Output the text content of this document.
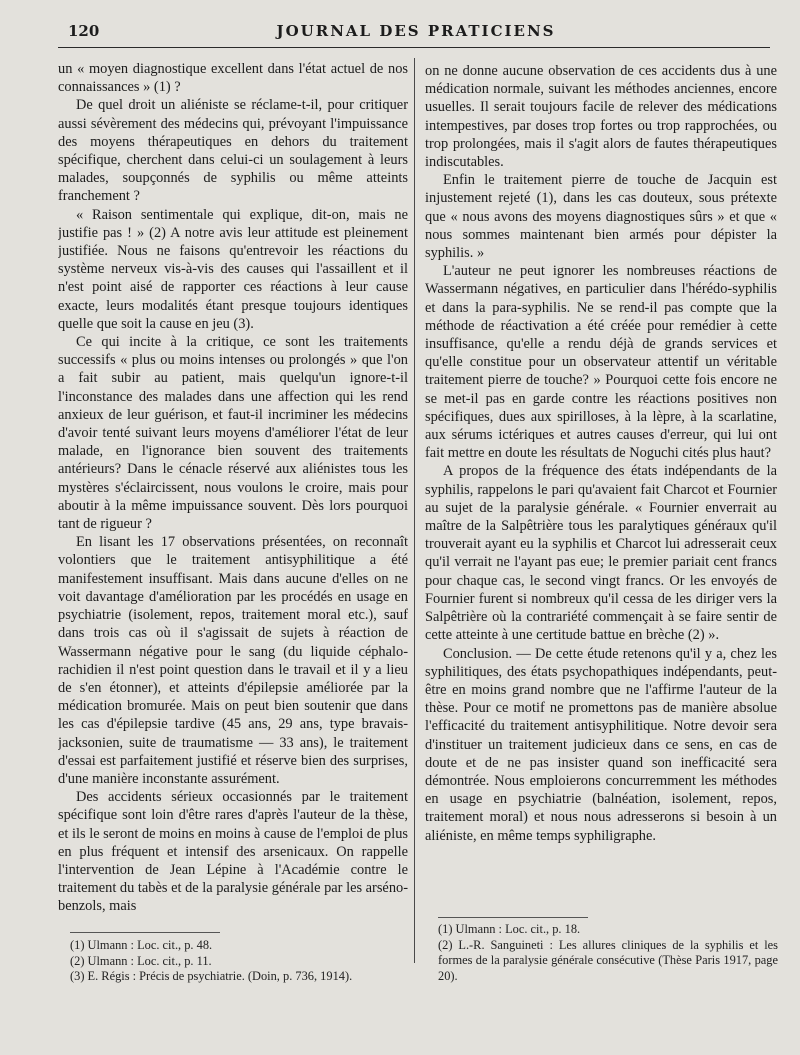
120	JOURNAL DES PRATICIENS

un « moyen diagnostique excellent dans l'état actuel de nos connaissances » (1) ?

De quel droit un aliéniste se réclame-t-il, pour critiquer aussi sévèrement des médecins qui, prévoyant l'impuissance des moyens thérapeutiques en dehors du traitement spécifique, cherchent dans celui-ci un soulagement à leurs malades, soupçonnés de syphilis ou même atteints franchement ?

« Raison sentimentale qui explique, dit-on, mais ne justifie pas ! » (2) A notre avis leur attitude est pleinement justifiée. Nous ne faisons qu'entrevoir les réactions du système nerveux vis-à-vis des causes qui l'assaillent et il n'est point aisé de rapporter ces réactions à leur cause exacte, leurs modalités étant presque toujours identiques quelle que soit la cause en jeu (3).

Ce qui incite à la critique, ce sont les traitements successifs « plus ou moins intenses ou prolongés » que l'on a fait subir au patient, mais quelqu'un ignore-t-il l'inconstance des malades dans une affection qui les rend anxieux de leur guérison, et faut-il incriminer les médecins d'avoir tenté suivant leurs moyens d'améliorer l'état de leur malade, en l'ignorance bien souvent des traitements antérieurs? Dans le cénacle réservé aux aliénistes tous les mystères s'éclaircissent, nous voulons le croire, mais pour aboutir à la même impuissance souvent. Dès lors pourquoi tant de rigueur ?

En lisant les 17 observations présentées, on reconnaît volontiers que le traitement antisyphilitique a été manifestement insuffisant. Mais dans aucune d'elles on ne voit davantage d'amélioration par les procédés en usage en psychiatrie (isolement, repos, traitement moral etc.), sauf dans trois cas où il s'agissait de sujets à réaction de Wassermann négative pour le sang (du liquide céphalo-rachidien il n'est point question dans le travail et il y a lieu de s'en étonner), et atteints d'épilepsie améliorée par la médication bromurée. Mais on peut bien soutenir que dans les cas d'épilepsie tardive (45 ans, 29 ans, type bravais-jacksonien, suite de traumatisme — 33 ans), le traitement d'essai est parfaitement justifié et réserve bien des surprises, d'une manière inconstante assurément.

Des accidents sérieux occasionnés par le traitement spécifique sont loin d'être rares d'après l'auteur de la thèse, et ils le seront de moins en moins à cause de l'emploi de plus en plus fréquent et intensif des arsenicaux. On rappelle l'intervention de Jean Lépine à l'Académie contre le traitement du tabès et de la paralysie générale par les arséno-benzols, mais

on ne donne aucune observation de ces accidents dus à une médication normale, suivant les méthodes anciennes, encore usuelles. Il serait toujours facile de relever des médications intempestives, par doses trop fortes ou trop rapprochées, ou trop prolongées, mais il s'agit alors de fautes thérapeutiques indiscutables.

Enfin le traitement pierre de touche de Jacquin est injustement rejeté (1), dans les cas douteux, sous prétexte que « nous avons des moyens diagnostiques sûrs » et que « nous sommes maintenant bien armés pour dépister la syphilis. »

L'auteur ne peut ignorer les nombreuses réactions de Wassermann négatives, en particulier dans l'hérédo-syphilis et dans la para-syphilis. Ne se rend-il pas compte que la méthode de réactivation a été créée pour remédier à cette insuffisance, qu'elle a rendu déjà de grands services et qu'elle constitue pour un observateur attentif un véritable traitement pierre de touche? » Pourquoi cette fois encore ne se met-il pas en garde contre les réactions positives non spécifiques, dues aux spirilloses, à la lèpre, à la scarlatine, aux sérums ictériques et autres causes d'erreur, qui lui ont fait mettre en doute les résultats de Noguchi cités plus haut?

A propos de la fréquence des états indépendants de la syphilis, rappelons le pari qu'avaient fait Charcot et Fournier au sujet de la paralysie générale. « Fournier enverrait au maître de la Salpêtrière tous les paralytiques généraux qu'il trouverait ayant eu la syphilis et Charcot lui adresserait ceux qu'il verrait ne l'ayant pas eue; le premier pariait cent francs pour chaque cas, le second vingt francs. Or les envoyés de Fournier furent si nombreux qu'il cessa de les diriger vers la Salpêtrière où la contrariété commençait à se faire sentir de cette atteinte à une certitude battue en brèche (2) ».

Conclusion. — De cette étude retenons qu'il y a, chez les syphilitiques, des états psychopathiques indépendants, peut-être en moins grand nombre que ne l'affirme l'auteur de la thèse. Pour ce motif ne promettons pas de manière absolue l'efficacité du traitement antisyphilitique. Notre devoir sera d'instituer un traitement judicieux dans ce sens, en cas de doute et de ne pas insister quand son inefficacité sera démontrée. Nous emploierons concurremment les méthodes en usage en psychiatrie (balnéation, isolement, repos, traitement moral) et nous nous adresserons si besoin à un aliéniste, en même temps syphiligraphe.

(1) Ulmann : Loc. cit., p. 48.
(2) Ulmann : Loc. cit., p. 11.
(3) E. Régis : Précis de psychiatrie. (Doin, p. 736, 1914).
(1) Ulmann : Loc. cit., p. 18.
(2) L.-R. Sanguineti : Les allures cliniques de la syphilis et les formes de la paralysie générale consécutive (Thèse Paris 1917, page 20).
